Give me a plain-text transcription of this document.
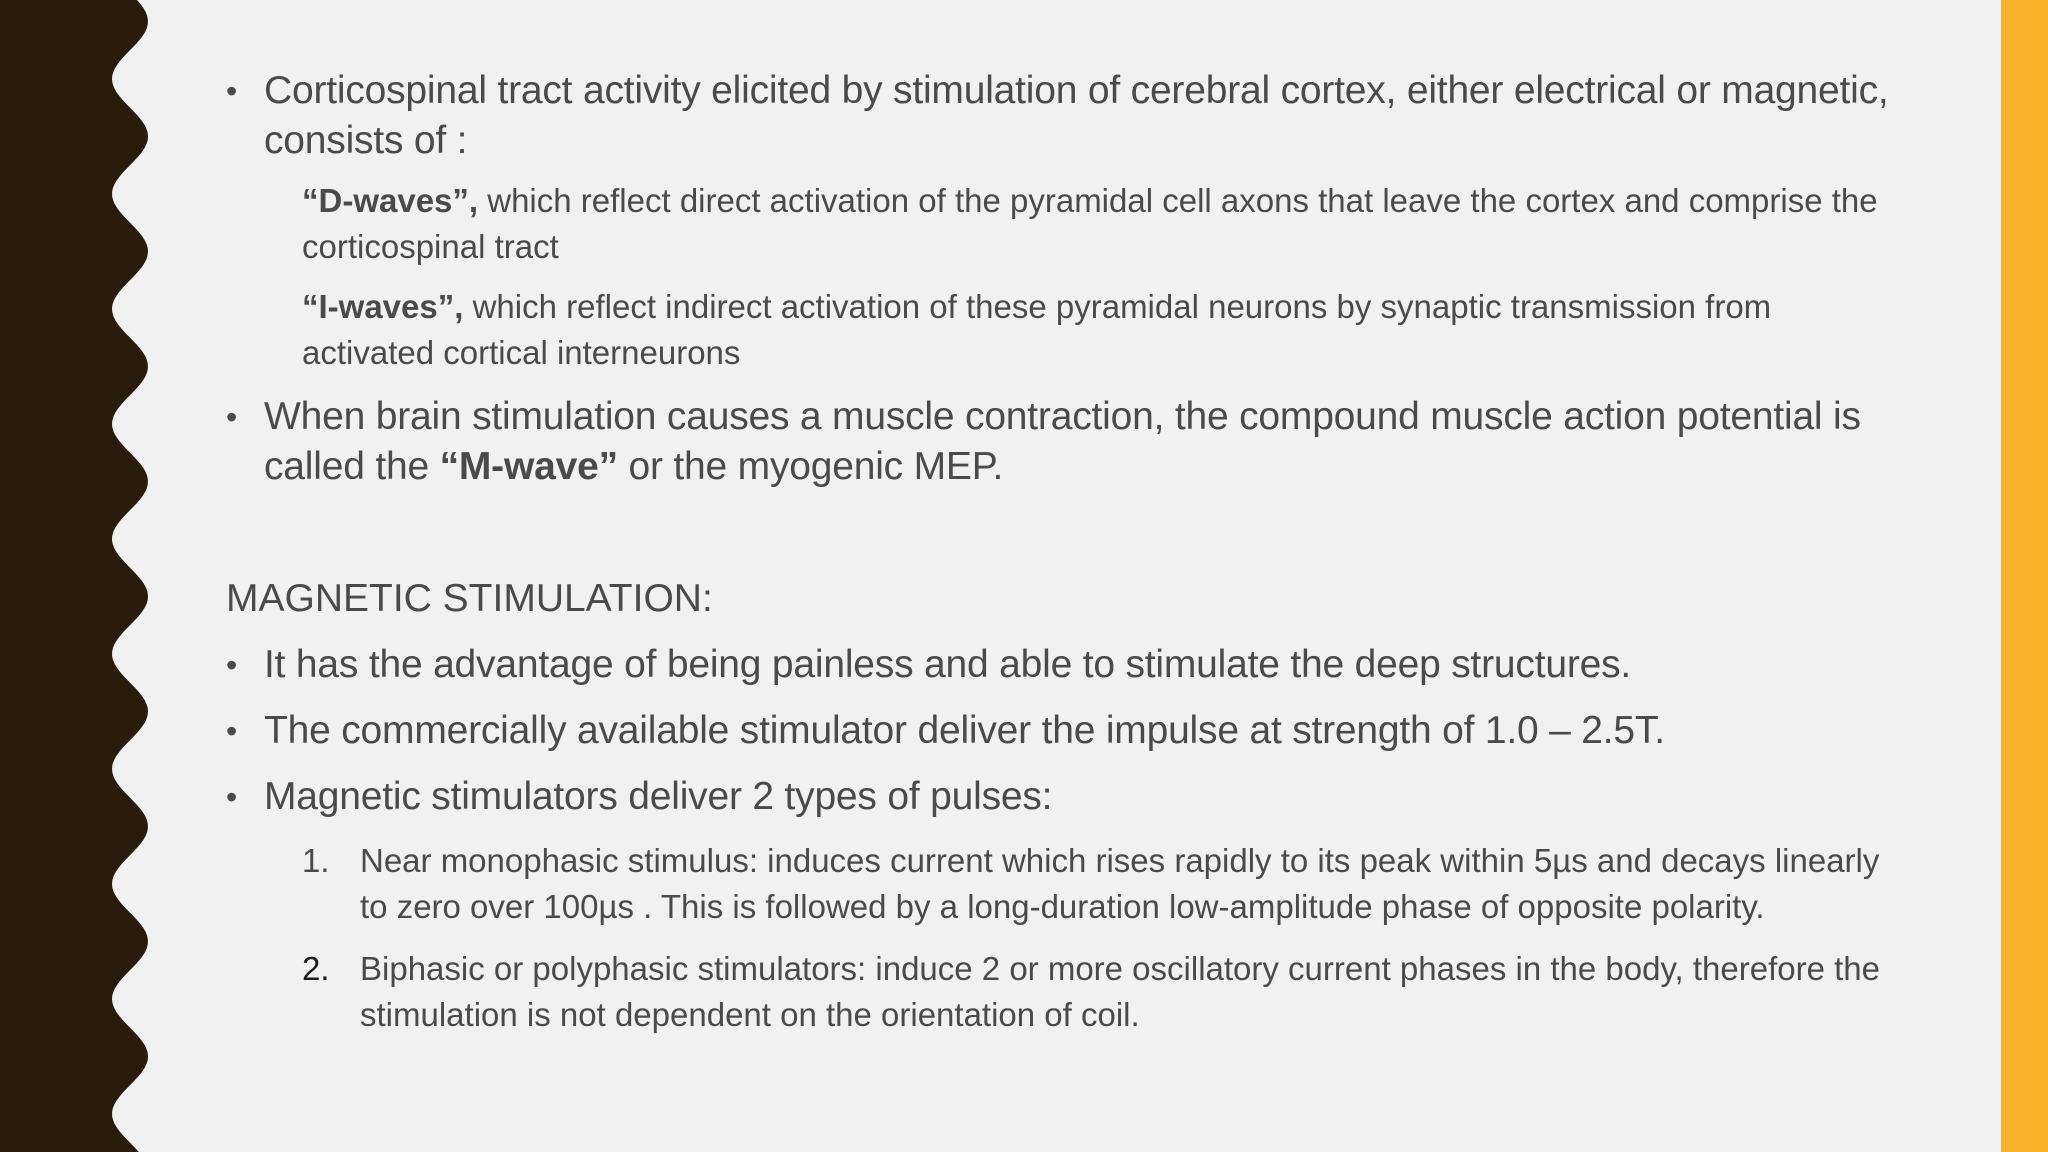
• Corticospinal tract activity elicited by stimulation of cerebral cortex, either electrical or magnetic, consists of :
“D-waves”, which reflect direct activation of the pyramidal cell axons that leave the cortex and comprise the corticospinal tract
“I-waves”, which reflect indirect activation of these pyramidal neurons by synaptic transmission from activated cortical interneurons
• When brain stimulation causes a muscle contraction, the compound muscle action potential is called the “M-wave” or the myogenic MEP.
MAGNETIC STIMULATION:
• It has the advantage of being painless and able to stimulate the deep structures.
• The commercially available stimulator deliver the impulse at strength of 1.0 – 2.5T.
• Magnetic stimulators deliver 2 types of pulses:
1. Near monophasic stimulus: induces current which rises rapidly to its peak within 5µs and decays linearly to zero over 100µs . This is followed by a long-duration low-amplitude phase of opposite polarity.
2. Biphasic or polyphasic stimulators: induce 2 or more oscillatory current phases in the body, therefore the stimulation is not dependent on the orientation of coil.
